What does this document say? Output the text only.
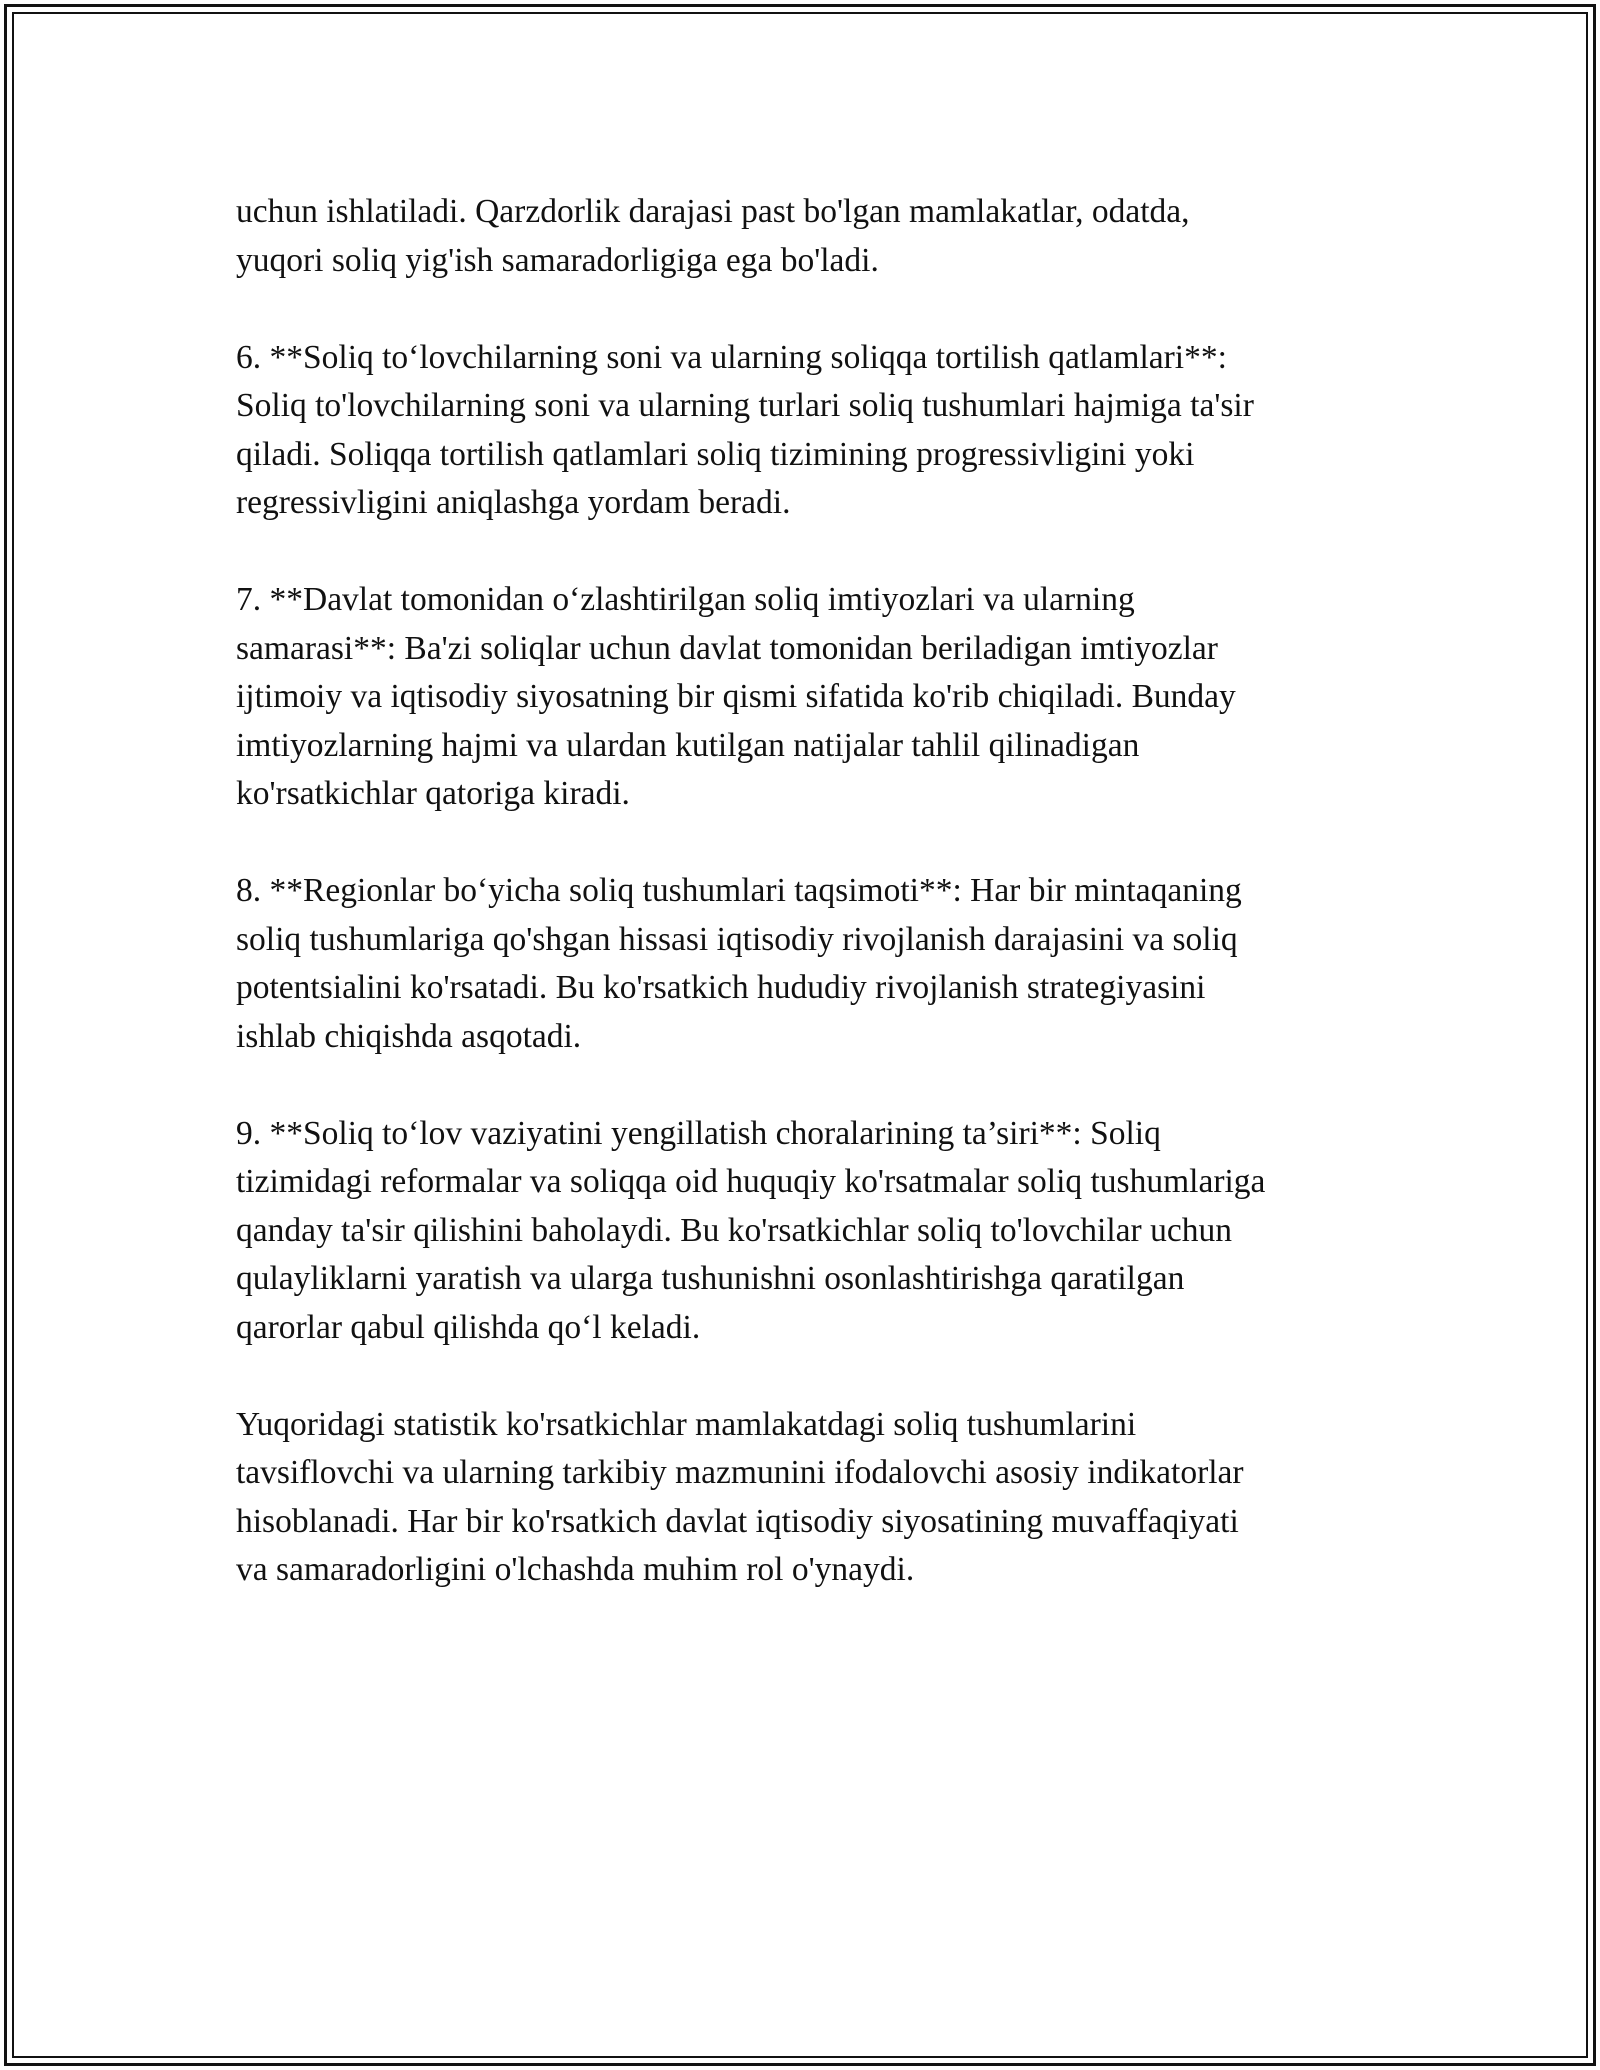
uchun ishlatiladi. Qarzdorlik darajasi past bo'lgan mamlakatlar, odatda,
yuqori soliq yig'ish samaradorligiga ega bo'ladi.

6. **Soliq to‘lovchilarning soni va ularning soliqqa tortilish qatlamlari**:
Soliq to'lovchilarning soni va ularning turlari soliq tushumlari hajmiga ta'sir
qiladi. Soliqqa tortilish qatlamlari soliq tizimining progressivligini yoki
regressivligini aniqlashga yordam beradi.

7. **Davlat tomonidan o‘zlashtirilgan soliq imtiyozlari va ularning
samarasi**: Ba'zi soliqlar uchun davlat tomonidan beriladigan imtiyozlar
ijtimoiy va iqtisodiy siyosatning bir qismi sifatida ko'rib chiqiladi. Bunday
imtiyozlarning hajmi va ulardan kutilgan natijalar tahlil qilinadigan
ko'rsatkichlar qatoriga kiradi.

8. **Regionlar bo‘yicha soliq tushumlari taqsimoti**: Har bir mintaqaning
soliq tushumlariga qo'shgan hissasi iqtisodiy rivojlanish darajasini va soliq
potentsialini ko'rsatadi. Bu ko'rsatkich hududiy rivojlanish strategiyasini
ishlab chiqishda asqotadi.

9. **Soliq to‘lov vaziyatini yengillatish choralarining ta’siri**: Soliq
tizimidagi reformalar va soliqqa oid huquqiy ko'rsatmalar soliq tushumlariga
qanday ta'sir qilishini baholaydi. Bu ko'rsatkichlar soliq to'lovchilar uchun
qulayliklarni yaratish va ularga tushunishni osonlashtirishga qaratilgan
qarorlar qabul qilishda qo‘l keladi.

Yuqoridagi statistik ko'rsatkichlar mamlakatdagi soliq tushumlarini
tavsiflovchi va ularning tarkibiy mazmunini ifodalovchi asosiy indikatorlar
hisoblanadi. Har bir ko'rsatkich davlat iqtisodiy siyosatining muvaffaqiyati
va samaradorligini o'lchashda muhim rol o'ynaydi.
